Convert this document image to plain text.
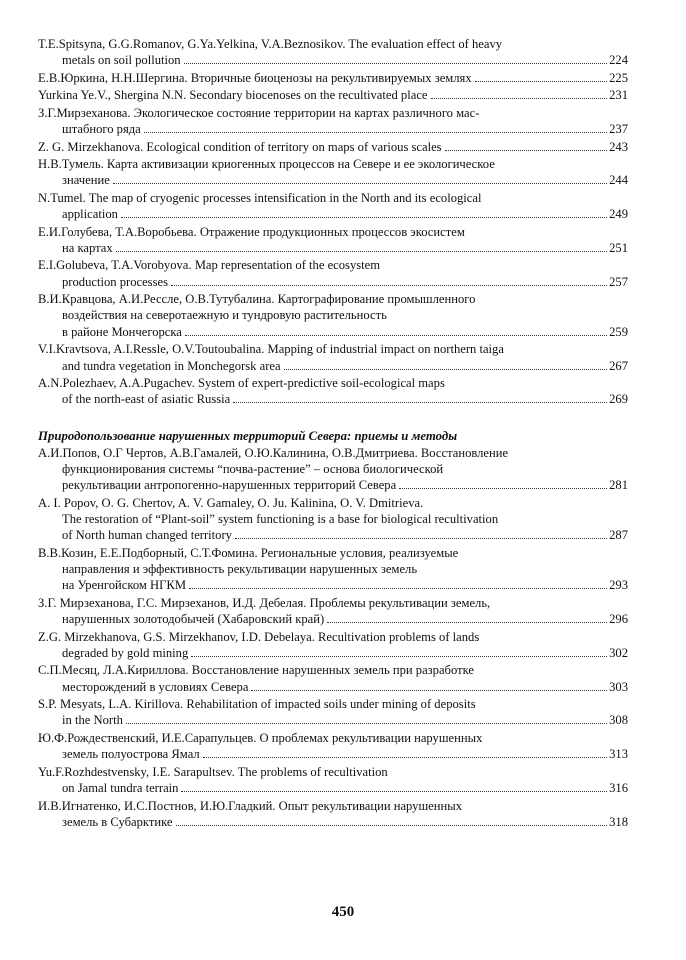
T.E.Spitsyna, G.G.Romanov, G.Ya.Yelkina, V.A.Beznosikov. The evaluation effect of heavy
metals on soil pollution	224
Е.В.Юркина, Н.Н.Шергина. Вторичные биоценозы на рекультивируемых землях	225
Yurkina Ye.V., Shergina N.N. Secondary biocenoses on the recultivated place	231
З.Г.Мирзеханова. Экологическое состояние территории на картах различного мас-
штабного ряда	237
Z. G. Mirzekhanova. Ecological condition of territory on maps of various scales	243
Н.В.Тумель. Карта активизации криогенных процессов на Севере и ее экологическое
значение	244
N.Tumel. The map of cryogenic processes intensification in the North and its ecological
application	249
Е.И.Голубева, Т.А.Воробьева. Отражение продукционных процессов экосистем
на картах	251
E.I.Golubeva, T.A.Vorobyova. Map representation of the ecosystem
production processes	257
В.И.Кравцова, А.И.Ресслe, О.В.Тутубалина. Картографирование промышленного
воздействия на северотаежную и тундровую растительность
в районе Мончегорска	259
V.I.Kravtsova, A.I.Ressle, O.V.Toutoubalina. Mapping of industrial impact on northern taiga
and tundra vegetation in Monchegorsk area	267
A.N.Polezhaev, A.A.Pugachev. System of expert-predictive soil-ecological maps
of the north-east of asiatic Russia	269
Природопользование нарушенных территорий Севера: приемы и методы
А.И.Попов, О.Г Чертов, А.В.Гамалей, О.Ю.Калинина, О.В.Дмитриева. Восстановление
функционирования системы “почва-растение” – основа биологической
рекультивации антропогенно-нарушенных территорий Севера	281
A. I. Popov, O. G. Chertov, A. V. Gamaley, O. Ju. Kalinina, O. V. Dmitrieva.
The restoration of “Plant-soil” system functioning is a base for biological recultivation
of North human changed territory	287
В.В.Козин, Е.Е.Подборный, С.Т.Фомина. Региональные условия, реализуемые
направления и эффективность рекультивации нарушенных земель
на Уренгойском НГКМ	293
З.Г. Мирзеханова, Г.С. Мирзеханов, И.Д. Дебелая. Проблемы рекультивации земель,
нарушенных золотодобычей (Хабаровский край)	296
Z.G. Mirzekhanova, G.S. Mirzekhanov, I.D. Debelaya. Recultivation problems of lands
degraded by gold mining	302
С.П.Месяц, Л.А.Кириллова. Восстановление нарушенных земель при разработке
месторождений в условиях Севера	303
S.P. Mesyats, L.A. Kirillova. Rehabilitation of impacted soils under mining of deposits
in the North	308
Ю.Ф.Рождественский, И.Е.Сарапульцев. О проблемах рекультивации нарушенных
земель полуострова Ямал	313
Yu.F.Rozhdestvensky, I.E. Sarapultsev. The problems of recultivation
on Jamal tundra terrain	316
И.В.Игнатенко, И.С.Постнов, И.Ю.Гладкий. Опыт рекультивации нарушенных
земель в Субарктике	318
450
